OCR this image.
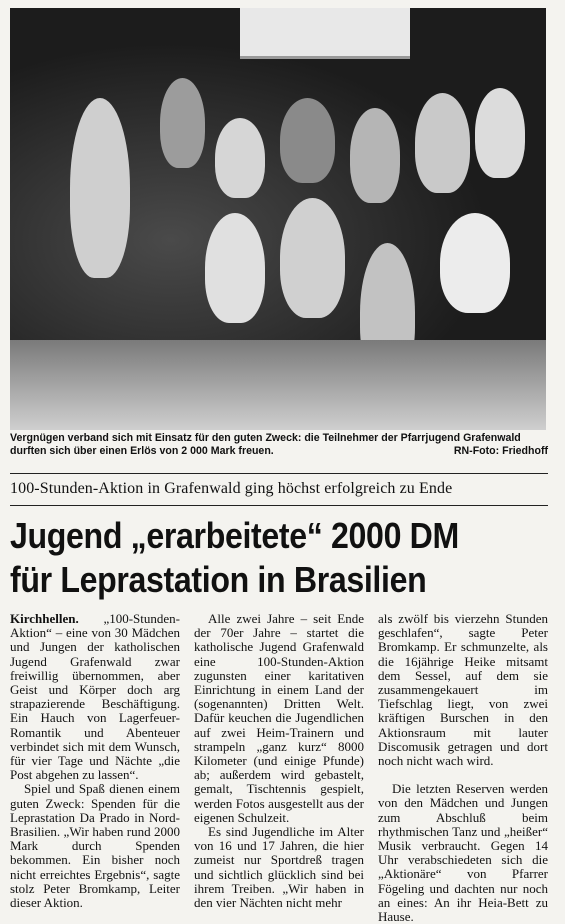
Vergnügen verband sich mit Einsatz für den guten Zweck: die Teilnehmer der Pfarrjugend Grafenwald durften sich über einen Erlös von 2 000 Mark freuen.	RN-Foto: Friedhoff
100-Stunden-Aktion in Grafenwald ging höchst erfolgreich zu Ende
Jugend „erarbeitete“ 2000 DM
für Leprastation in Brasilien

Kirchhellen. „100-Stunden-Aktion“ – eine von 30 Mädchen und Jungen der katholischen Jugend Grafenwald zwar freiwillig übernommen, aber Geist und Körper doch arg strapazierende Beschäftigung. Ein Hauch von Lagerfeuer-Romantik und Abenteuer verbindet sich mit dem Wunsch, für vier Tage und Nächte „die Post abgehen zu lassen“.

Spiel und Spaß dienen einem guten Zweck: Spenden für die Leprastation Da Prado in Nord-Brasilien. „Wir haben rund 2000 Mark durch Spenden bekommen. Ein bisher noch nicht erreichtes Ergebnis“, sagte stolz Peter Bromkamp, Leiter dieser Aktion.

Alle zwei Jahre – seit Ende der 70er Jahre – startet die katholische Jugend Grafenwald eine 100-Stunden-Aktion zugunsten einer karitativen Einrichtung in einem Land der (sogenannten) Dritten Welt. Dafür keuchen die Jugendlichen auf zwei Heim-Trainern und strampeln „ganz kurz“ 8000 Kilometer (und einige Pfunde) ab; außerdem wird gebastelt, gemalt, Tischtennis gespielt, werden Fotos ausgestellt aus der eigenen Schulzeit.

Es sind Jugendliche im Alter von 16 und 17 Jahren, die hier zumeist nur Sportdreß tragen und sichtlich glücklich sind bei ihrem Treiben. „Wir haben in den vier Nächten nicht mehr

als zwölf bis vierzehn Stunden geschlafen“, sagte Peter Bromkamp. Er schmunzelte, als die 16jährige Heike mitsamt dem Sessel, auf dem sie zusammengekauert im Tiefschlag liegt, von zwei kräftigen Burschen in den Aktionsraum mit lauter Discomusik getragen und dort noch nicht wach wird.

Die letzten Reserven werden von den Mädchen und Jungen zum Abschluß beim rhythmischen Tanz und „heißer“ Musik verbraucht. Gegen 14 Uhr verabschiedeten sich die „Aktionäre“ von Pfarrer Fögeling und dachten nur noch an eines: An ihr Heia-Bett zu Hause.
